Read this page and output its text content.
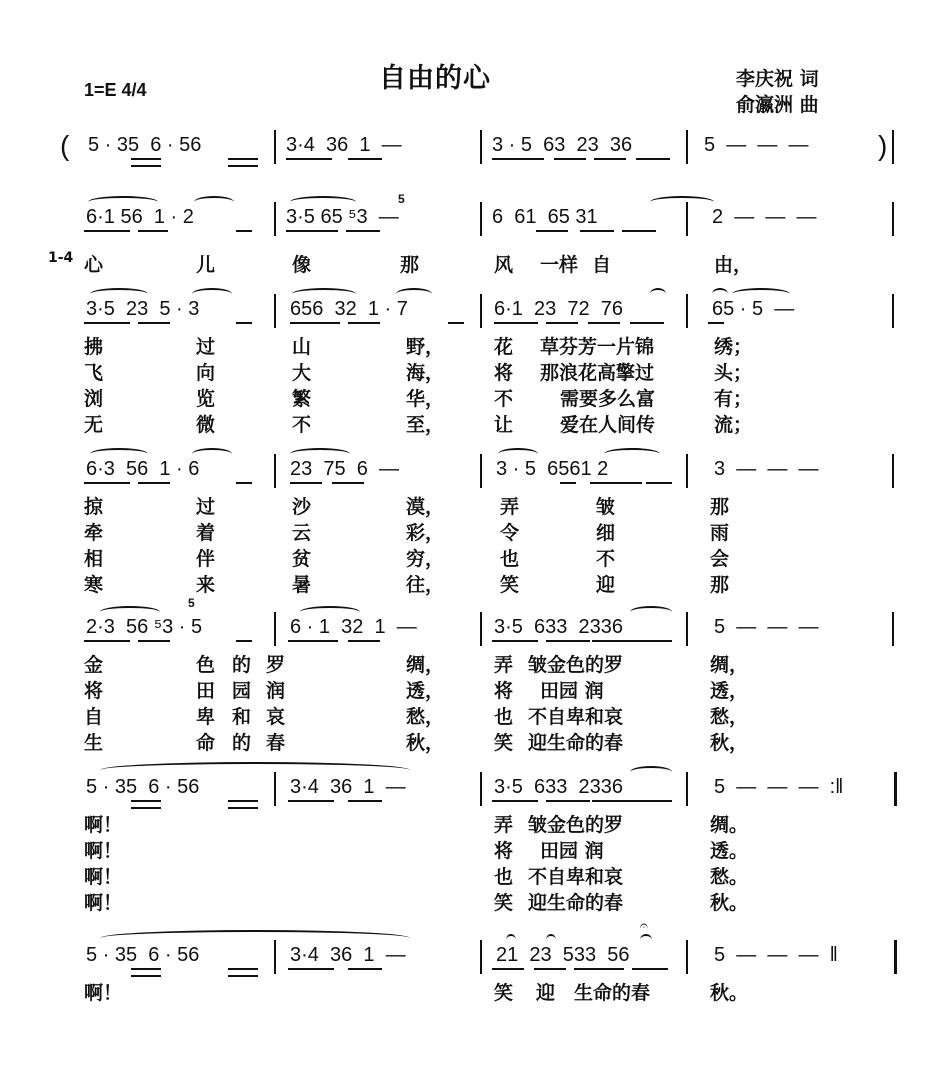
自由的心
1=E 4/4	李庆祝 词
俞瀛洲 曲
(

5 · 35  6 · 56

	3·4  36  1  —

	3 · 5  63  23  36

	5  —  —  —

)
5

6·1 56  1 · 2

	3·5 65 ⁵3  —

	6  61  65 31

	2  —  —  —

1-4 心	儿	像	那	风 一样 自	由，

3·5  23  5 · 3

	656  32  1 · 7

	6·1  23  72  76

	65 · 5  —

拂	过	山	野，	花 草芬芳一片锦	绣；
飞	向	大	海，	将 那浪花高擎过	头；
浏	览	繁	华，	不 需要多么富	有；
无	微	不	至，	让 爱在人间传	流；

6·3  56  1 · 6

	23  75  6  —

	3 · 5  6561 2

	3  —  —  —

掠	过	沙	漠，	弄	皱	那
牵	着	云	彩，	令	细	雨
相	伴	贫	穷，	也	不	会
寒	来	暑	往，	笑	迎	那
5

2·3  56 ⁵3 · 5

	6 · 1  32  1  —

	3·5  633  2336

	5  —  —  —

金	色 的 罗	绸，	弄 皱金色的罗	绸，
将	田 园 润	透，	将 田园 润	透，
自	卑 和 哀	愁，	也 不自卑和哀	愁，
生	命 的 春	秋，	笑 迎生命的春	秋，

5 · 35  6 · 56

	3·4  36  1  —

	3·5  633  2336

	5  —  —  —  :‖

啊！	弄 皱金色的罗	绸。
啊！	将 田园 润	透。
啊！	也 不自卑和哀	愁。
啊！	笑 迎生命的春	秋。
𝄐

5 · 35  6 · 56

	3·4  36  1  —

	21  23  533  56

	5  —  —  —  ‖

啊！	笑 迎 生命的春	秋。
